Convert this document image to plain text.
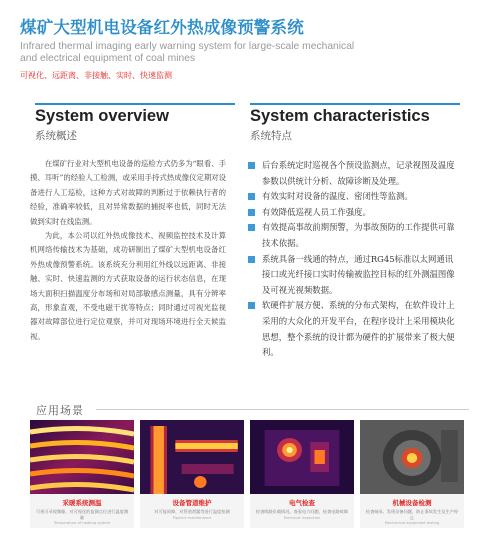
煤矿大型机电设备红外热成像预警系统
Infrared thermal imaging early warning system for large-scale mechanical and electrical equipment of coal mines
可视化、远距离、非接触、实时、快速监测
System overview
系统概述
System characteristics
系统特点

在煤矿行业对大型机电设备的巡检方式仍多为“眼看、手摸、耳听”的经验人工检测，或采用手持式热成像仪定期对设备进行人工巡检，这种方式对故障的判断过于依赖执行者的经验，准确率较低，且对异常数据的捕捉率也低，同时无法做到实时在线监测。

为此，本公司以红外热成像技术、视频监控技术及计算机网络传输技术为基础，成功研制出了煤矿大型机电设备红外热成像预警系统。该系统充分利用红外线以远距离、非接触、实时、快速监测的方式获取设备的运行状态信息，在现场大面积扫描温度分布场和对局部敏感点测量，具有分辨率高，形象直观，不受电磁干扰等特点；同时通过可视光监视器对故障部位进行定位观察，并可对现场环境进行全天候监视。

后台系统定时巡视各个预设监测点，记录视图及温度参数以供统计分析、故障诊断及处理。
有效实时对设备的温度、密闭性等监测。
有效降低巡视人员工作强度。
有效提高事故前期预警，为事故预防的工作提供可靠技术依据。
系统具备一线通的特点，通过RG45标准以太网通讯接口或光纤接口实时传输被监控目标的红外测温图像及可视光视频数据。
软硬件扩展方便、系统的分布式架构，在软件设计上采用的大众化的开发平台，在程序设计上采用模块化思想，整个系统的设计都为硬件的扩展带来了极大便利。
应用场景
采暖系统测温
可视可录视频像，对可视化的监测点位进行温度测量
Temperature of heating system
设备管道维护
对可能故障，对管道泄漏等进行温度检测
Pipeline maintenance
电气检查
检查线路负载情况，查看电力问题，检查电路故障
Electrical inspection
机械设备检测
检查轴承、发现设备问题，防止事故发生及生产停止
Mechanical equipment testing
